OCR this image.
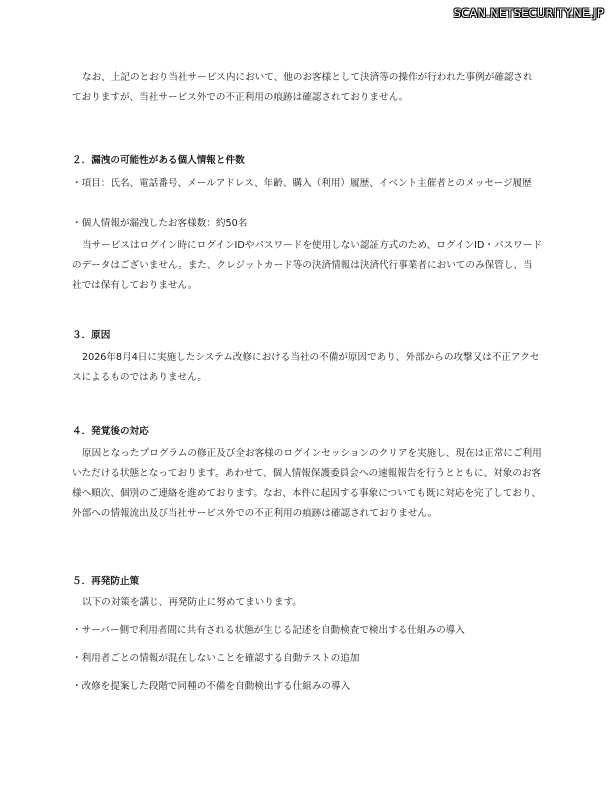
SCAN.NETSECURITY.NE.JP

なお、上記のとおり当社サービス内において、他のお客様として決済等の操作が行われた事例が確認されておりますが、当社サービス外での不正利用の痕跡は確認されておりません。

２．漏洩の可能性がある個人情報と件数

・項目：氏名、電話番号、メールアドレス、年齢、購入（利用）履歴、イベント主催者とのメッセージ履歴

・個人情報が漏洩したお客様数：約50名

当サービスはログイン時にログインIDやパスワードを使用しない認証方式のため、ログインID・パスワードのデータはございません。また、クレジットカード等の決済情報は決済代行事業者においてのみ保管し、当社では保有しておりません。

３．原因

2026年8月4日に実施したシステム改修における当社の不備が原因であり、外部からの攻撃又は不正アクセスによるものではありません。

４．発覚後の対応

原因となったプログラムの修正及び全お客様のログインセッションのクリアを実施し、現在は正常にご利用いただける状態となっております。あわせて、個人情報保護委員会への速報報告を行うとともに、対象のお客様へ順次、個別のご連絡を進めております。なお、本件に起因する事象についても既に対応を完了しており、外部への情報流出及び当社サービス外での不正利用の痕跡は確認されておりません。

５．再発防止策

以下の対策を講じ、再発防止に努めてまいります。

・サーバー側で利用者間に共有される状態が生じる記述を自動検査で検出する仕組みの導入

・利用者ごとの情報が混在しないことを確認する自動テストの追加

・改修を提案した段階で同種の不備を自動検出する仕組みの導入
